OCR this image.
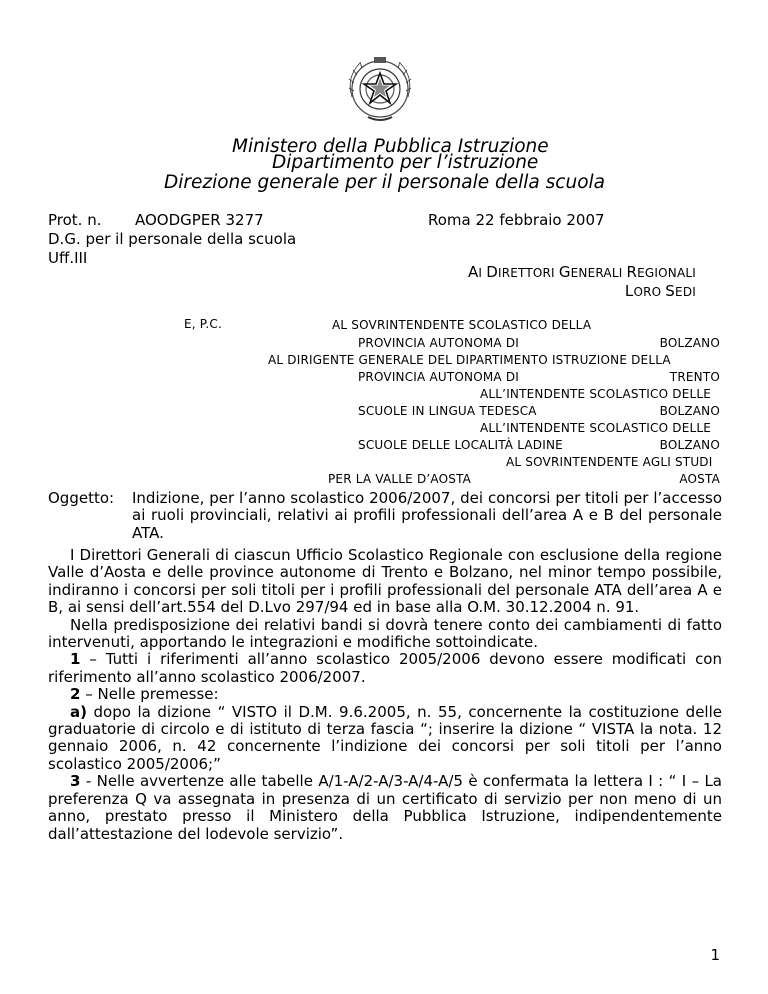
Ministero della Pubblica Istruzione
Dipartimento per l’istruzione
Direzione generale per il personale della scuola
Prot. n. AOODGPER 3277
D.G. per il personale della scuola
Uff.III
Roma 22 febbraio 2007
AI DIRETTORI GENERALI REGIONALI
LORO SEDI
E, P.C.	AL SOVRINTENDENTE SCOLASTICO DELLA
PROVINCIA AUTONOMA DI	BOLZANO
AL DIRIGENTE GENERALE DEL DIPARTIMENTO ISTRUZIONE DELLA
PROVINCIA AUTONOMA DI	TRENTO
ALL’INTENDENTE SCOLASTICO DELLE
SCUOLE IN LINGUA TEDESCA	BOLZANO
ALL’INTENDENTE SCOLASTICO DELLE
SCUOLE DELLE LOCALITÀ LADINE	BOLZANO
AL SOVRINTENDENTE AGLI STUDI
PER LA VALLE D’AOSTA	AOSTA
Oggetto: Indizione, per l’anno scolastico 2006/2007, dei concorsi per titoli per l’accesso ai ruoli provinciali, relativi ai profili professionali dell’area A e B del personale ATA.

I Direttori Generali di ciascun Ufficio Scolastico Regionale con esclusione della regione Valle d’Aosta e delle province autonome di Trento e Bolzano, nel minor tempo possibile, indiranno i concorsi per soli titoli per i profili professionali del personale ATA dell’area A e B, ai sensi dell’art.554 del D.Lvo 297/94 ed in base alla O.M. 30.12.2004 n. 91.

Nella predisposizione dei relativi bandi si dovrà tenere conto dei cambiamenti di fatto intervenuti, apportando le integrazioni e modifiche sottoindicate.

1 – Tutti i riferimenti all’anno scolastico 2005/2006 devono essere modificati con riferimento all’anno scolastico 2006/2007.

2 – Nelle premesse:

a) dopo la dizione “ VISTO il D.M. 9.6.2005, n. 55, concernente la costituzione delle graduatorie di circolo e di istituto di terza fascia “; inserire la dizione “ VISTA la nota. 12 gennaio 2006, n. 42 concernente l’indizione dei concorsi per soli titoli per l’anno scolastico 2005/2006;”

3 - Nelle avvertenze alle tabelle A/1-A/2-A/3-A/4-A/5 è confermata la lettera I : “ I – La preferenza Q va assegnata in presenza di un certificato di servizio per non meno di un anno, prestato presso il Ministero della Pubblica Istruzione, indipendentemente dall’attestazione del lodevole servizio”.

1
